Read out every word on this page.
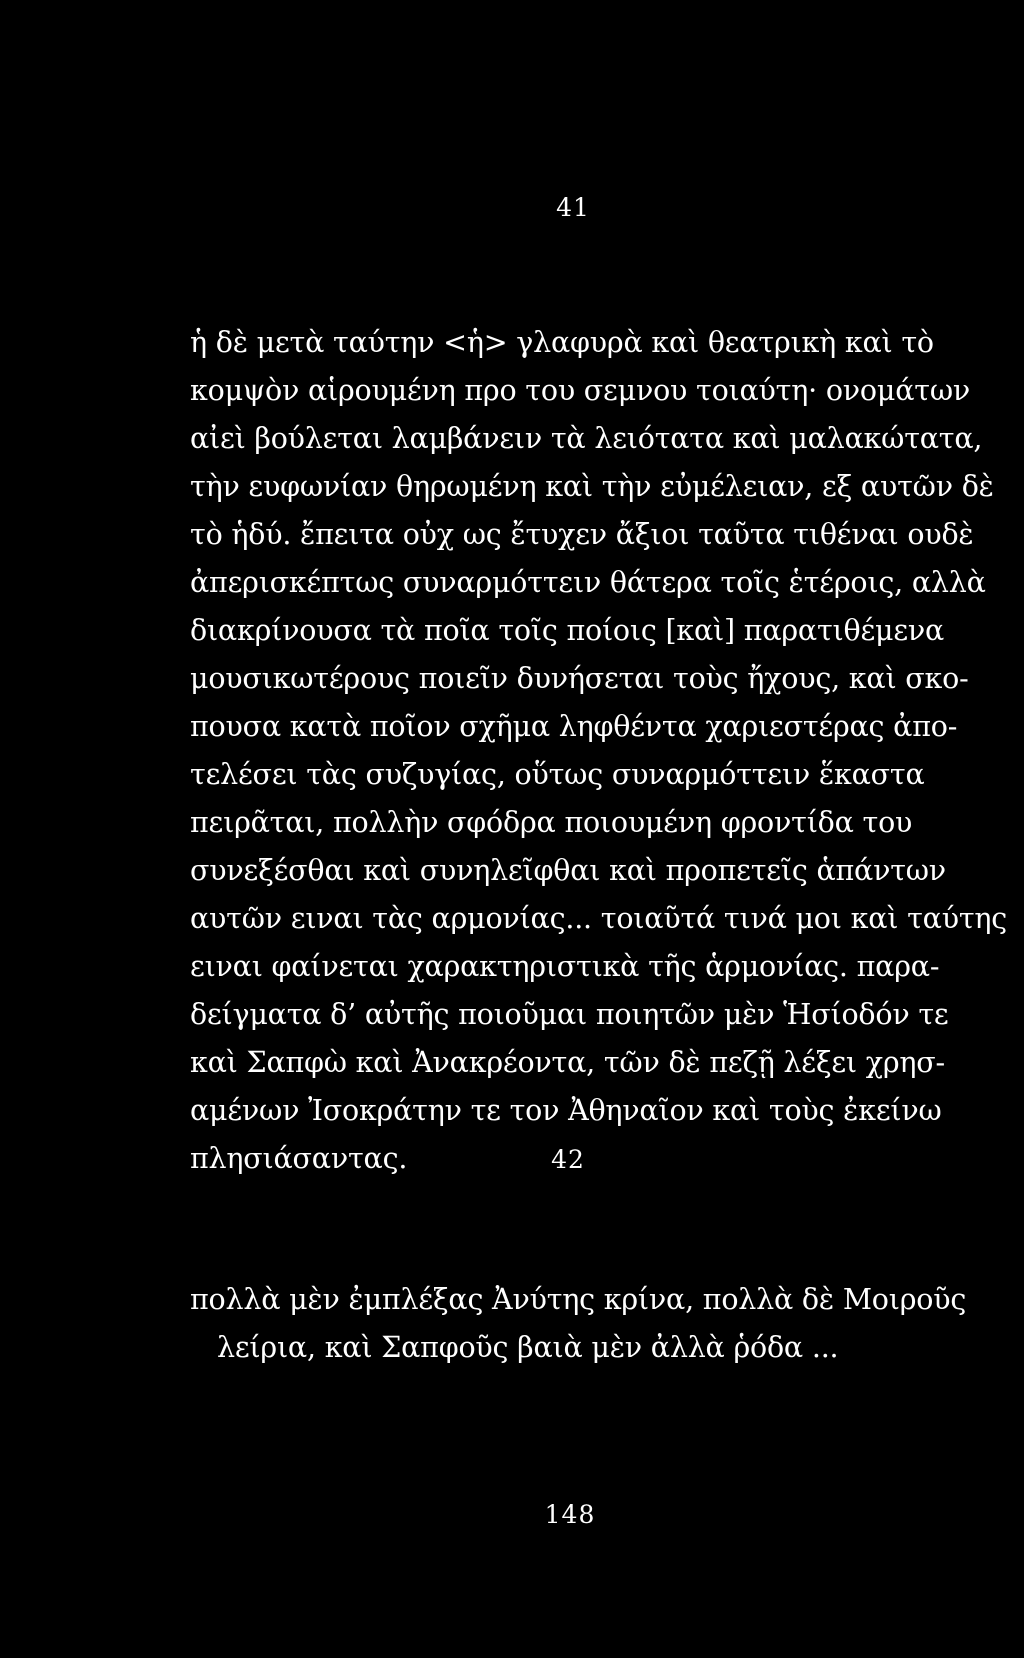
41
ἡ δὲ μετὰ ταύτην <ἡ> γλαφυρὰ καὶ θεατρικὴ καὶ τὸ
κομψὸν αἱρουμένη προ του σεμνου τοιαύτη· ονομάτων
αἰεὶ βούλεται λαμβάνειν τὰ λειότατα καὶ μαλακώτατα,
τὴν ευφωνίαν θηρωμένη καὶ τὴν εὐμέλειαν, εξ αυτῶν δὲ
τὸ ἡδύ. ἔπειτα οὐχ ως ἔτυχεν ἄξιοι ταῦτα τιθέναι ουδὲ
ἀπερισκέπτως συναρμόττειν θάτερα τοῖς ἑτέροις, αλλὰ
διακρίνουσα τὰ ποῖα τοῖς ποίοις [καὶ] παρατιθέμενα
μουσικωτέρους ποιεῖν δυνήσεται τοὺς ἤχους, καὶ σκο-
πουσα κατὰ ποῖον σχῆμα ληφθέντα χαριεστέρας ἀπο-
τελέσει τὰς συζυγίας, οὕτως συναρμόττειν ἕκαστα
πειρᾶται, πολλὴν σφόδρα ποιουμένη φροντίδα του
συνεξέσθαι καὶ συνηλεῖφθαι καὶ προπετεῖς ἁπάντων
αυτῶν ειναι τὰς αρμονίας... τοιαῦτά τινά μοι καὶ ταύτης
ειναι φαίνεται χαρακτηριστικὰ τῆς ἁρμονίας. παρα-
δείγματα δ’ αὐτῆς ποιοῦμαι ποιητῶν μὲν Ἡσίοδόν τε
καὶ Σαπφὼ καὶ Ἀνακρέοντα, τῶν δὲ πεζῇ λέξει χρησ-
αμένων Ἰσοκράτην τε τον Ἀθηναῖον καὶ τοὺς ἐκείνω
πλησιάσαντας.	42
πολλὰ μὲν ἐμπλέξας Ἀνύτης κρίνα, πολλὰ δὲ Μοιροῦς
λείρια, καὶ Σαπφοῦς βαιὰ μὲν ἀλλὰ ῥόδα ...
148
